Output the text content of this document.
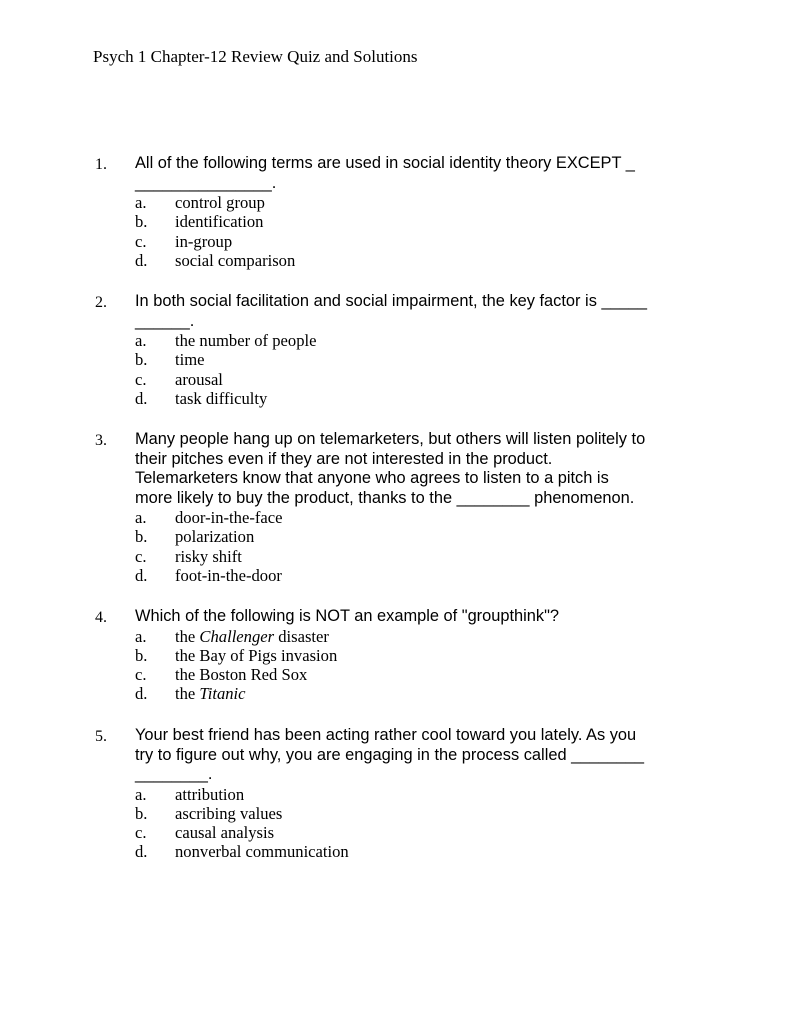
Psych 1 Chapter-12 Review Quiz and Solutions
1. All of the following terms are used in social identity theory EXCEPT _
_______________.
a. control group
b. identification
c. in-group
d. social comparison
2. In both social facilitation and social impairment, the key factor is _____
______.
a. the number of people
b. time
c. arousal
d. task difficulty
3. Many people hang up on telemarketers, but others will listen politely to
their pitches even if they are not interested in the product.
Telemarketers know that anyone who agrees to listen to a pitch is
more likely to buy the product, thanks to the ________ phenomenon.
a. door-in-the-face
b. polarization
c. risky shift
d. foot-in-the-door
4. Which of the following is NOT an example of "groupthink"?
a. the Challenger disaster
b. the Bay of Pigs invasion
c. the Boston Red Sox
d. the Titanic
5. Your best friend has been acting rather cool toward you lately. As you
try to figure out why, you are engaging in the process called ________
________.
a. attribution
b. ascribing values
c. causal analysis
d. nonverbal communication
